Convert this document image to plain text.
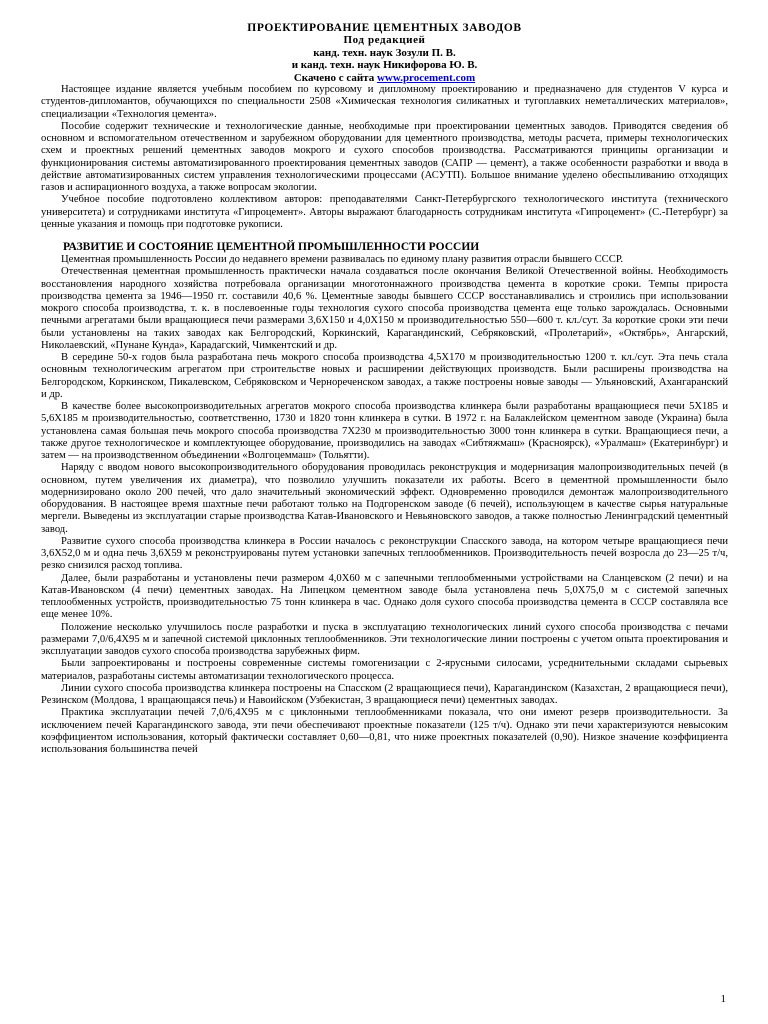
ПРОЕКТИРОВАНИЕ ЦЕМЕНТНЫХ ЗАВОДОВ
Под редакцией
канд. техн. наук Зозули П. В.
и канд. техн. наук Никифорова Ю. В.
Скачено с сайта www.procement.com

Настоящее издание является учебным пособием по курсовому и дипломному проектированию и предназначено для студентов V курса и студентов-дипломантов, обучающихся по специальности 2508 «Химическая технология силикатных и тугоплавких неметаллических материалов», специализации «Технология цемента».

Пособие содержит технические и технологические данные, необходимые при проектировании цементных заводов. Приводятся сведения об основном и вспомогательном отечественном и зарубежном оборудовании для цементного производства, методы расчета, примеры технологических схем и проектных решений цементных заводов мокрого и сухого способов производства. Рассматриваются принципы организации и функционирования системы автоматизированного проектирования цементных заводов (САПР — цемент), а также особенности разработки и ввода в действие автоматизированных систем управления технологическими процессами (АСУТП). Большое внимание уделено обеспыливанию отходящих газов и аспирационного воздуха, а также вопросам экологии.

Учебное пособие подготовлено коллективом авторов: преподавателями Санкт-Петербургского технологического института (технического университета) и сотрудниками института «Гипроцемент». Авторы выражают благодарность сотрудникам института «Гипроцемент» (С.-Петербург) за ценные указания и помощь при подготовке рукописи.

РАЗВИТИЕ И СОСТОЯНИЕ ЦЕМЕНТНОЙ ПРОМЫШЛЕННОСТИ РОССИИ

Цементная промышленность России до недавнего времени развивалась по единому плану развития отрасли бывшего СССР.

Отечественная цементная промышленность практически начала создаваться после окончания Великой Отечественной войны. Необходимость восстановления народного хозяйства потребовала организации многотоннажного производства цемента в короткие сроки. Темпы прироста производства цемента за 1946—1950 гг. составили 40,6 %. Цементные заводы бывшего СССР восстанавливались и строились при использовании мокрого способа производства, т. к. в послевоенные годы технология сухого способа производства цемента еще только зарождалась. Основными печными агрегатами были вращающиеся печи размерами 3,6Х150 и 4,0Х150 м производительностью 550—600 т. кл./сут. За короткие сроки эти печи были установлены на таких заводах как Белгородский, Коркинский, Карагандинский, Себряковский, «Пролетарий», «Октябрь», Ангарский, Николаевский, «Пунане Кунда», Карадагский, Чимкентский и др.

В середине 50-х годов была разработана печь мокрого способа производства 4,5Х170 м производительностью 1200 т. кл./сут. Эта печь стала основным технологическим агрегатом при строительстве новых и расширении действующих производств. Были расширены производства на Белгородском, Коркинском, Пикалевском, Себряковском и Чернореченском заводах, а также построены новые заводы — Ульяновский, Ахангаранский и др.

В качестве более высокопроизводительных агрегатов мокрого способа производства клинкера были разработаны вращающиеся печи 5Х185 и 5,6Х185 м производительностью, соответственно, 1730 и 1820 тонн клинкера в сутки. В 1972 г. на Балаклейском цементном заводе (Украина) была установлена самая большая печь мокрого способа производства 7Х230 м производительностью 3000 тонн клинкера в сутки. Вращающиеся печи, а также другое технологическое и комплектующее оборудование, производились на заводах «Сибтяжмаш» (Красноярск), «Уралмаш» (Екатеринбург) и затем — на производственном объединении «Волгоцеммаш» (Тольятти).

Наряду с вводом нового высокопроизводительного оборудования проводилась реконструкция и модернизация малопроизводительных печей (в основном, путем увеличения их диаметра), что позволило улучшить показатели их работы. Всего в цементной промышленности было модернизировано около 200 печей, что дало значительный экономический эффект. Одновременно проводился демонтаж малопроизводительного оборудования. В настоящее время шахтные печи работают только на Подгоренском заводе (6 печей), использующем в качестве сырья натуральные мергели. Выведены из эксплуатации старые производства Катав-Ивановского и Невьяновского заводов, а также полностью Ленинградский цементный завод.

Развитие сухого способа производства клинкера в России началось с реконструкции Спасского завода, на котором четыре вращающиеся печи 3,6Х52,0 м и одна печь 3,6Х59 м реконструированы путем установки запечных теплообменников. Производительность печей возросла до 23—25 т/ч, резко снизился расход топлива.

Далее, были разработаны и установлены печи размером 4,0Х60 м с запечными теплообменными устройствами на Сланцевском (2 печи) и на Катав-Ивановском (4 печи) цементных заводах. На Липецком цементном заводе была установлена печь 5,0Х75,0 м с системой запечных теплообменных устройств, производительностью 75 тонн клинкера в час. Однако доля сухого способа производства цемента в СССР составляла все еще менее 10%.

Положение несколько улучшилось после разработки и пуска в эксплуатацию технологических линий сухого способа производства с печами размерами 7,0/6,4Х95 м и запечной системой циклонных теплообменников. Эти технологические линии построены с учетом опыта проектирования и эксплуатации заводов сухого способа производства зарубежных фирм.

Были запроектированы и построены современные системы гомогенизации с 2-ярусными силосами, усреднительными складами сырьевых материалов, разработаны системы автоматизации технологического процесса.

Линии сухого способа производства клинкера построены на Спасском (2 вращающиеся печи), Карагандинском (Казахстан, 2 вращающиеся печи), Резинском (Молдова, 1 вращающаяся печь) и Навоийском (Узбекистан, 3 вращающиеся печи) цементных заводах.

Практика эксплуатации печей 7,0/6,4Х95 м с циклонными теплообменниками показала, что они имеют резерв производительности. За исключением печей Карагандинского завода, эти печи обеспечивают проектные показатели (125 т/ч). Однако эти печи характеризуются невысоким коэффициентом использования, который фактически составляет 0,60—0,81, что ниже проектных показателей (0,90). Низкое значение коэффициента использования большинства печей

1
